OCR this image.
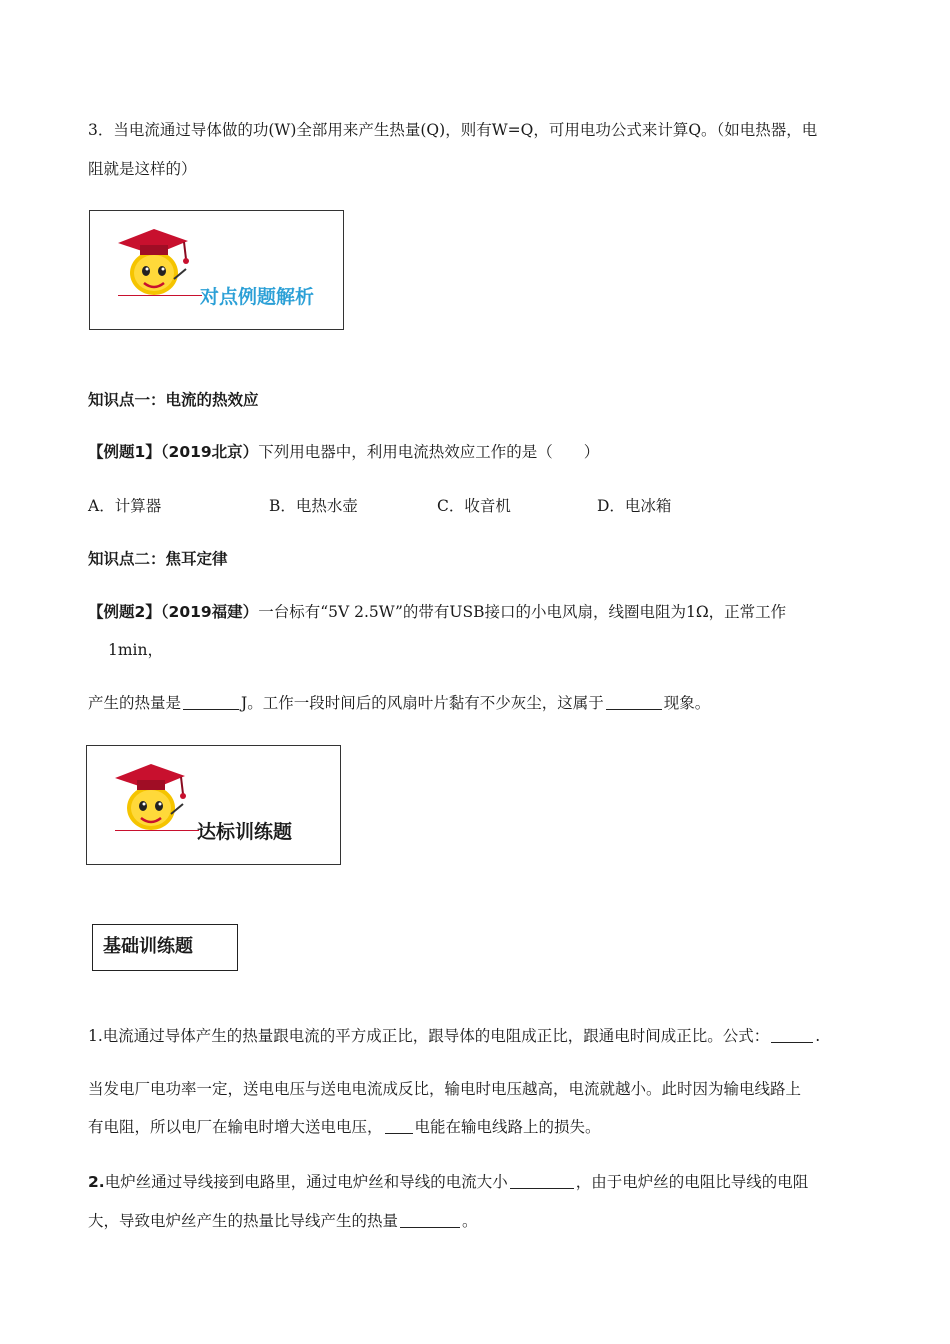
3．当电流通过导体做的功(W)全部用来产生热量(Q)，则有W=Q，可用电功公式来计算Q。（如电热器，电
阻就是这样的）
对点例题解析
知识点一：电流的热效应
【例题1】（2019北京）下列用电器中，利用电流热效应工作的是（　　）
A．计算器	B．电热水壶	C．收音机	D．电冰箱
知识点二：焦耳定律
【例题2】（2019福建）一台标有“5V 2.5W”的带有USB接口的小电风扇，线圈电阻为1Ω，正常工作
1min，
产生的热量是	J。工作一段时间后的风扇叶片黏有不少灰尘，这属于	现象。
达标训练题
基础训练题
1.电流通过导体产生的热量跟电流的平方成正比，跟导体的电阻成正比，跟通电时间成正比。公式：	.
当发电厂电功率一定，送电电压与送电电流成反比，输电时电压越高，电流就越小。此时因为输电线路上
有电阻，所以电厂在输电时增大送电电压， 电能在输电线路上的损失。
2.电炉丝通过导线接到电路里，通过电炉丝和导线的电流大小	，由于电炉丝的电阻比导线的电阻
大，导致电炉丝产生的热量比导线产生的热量	。
